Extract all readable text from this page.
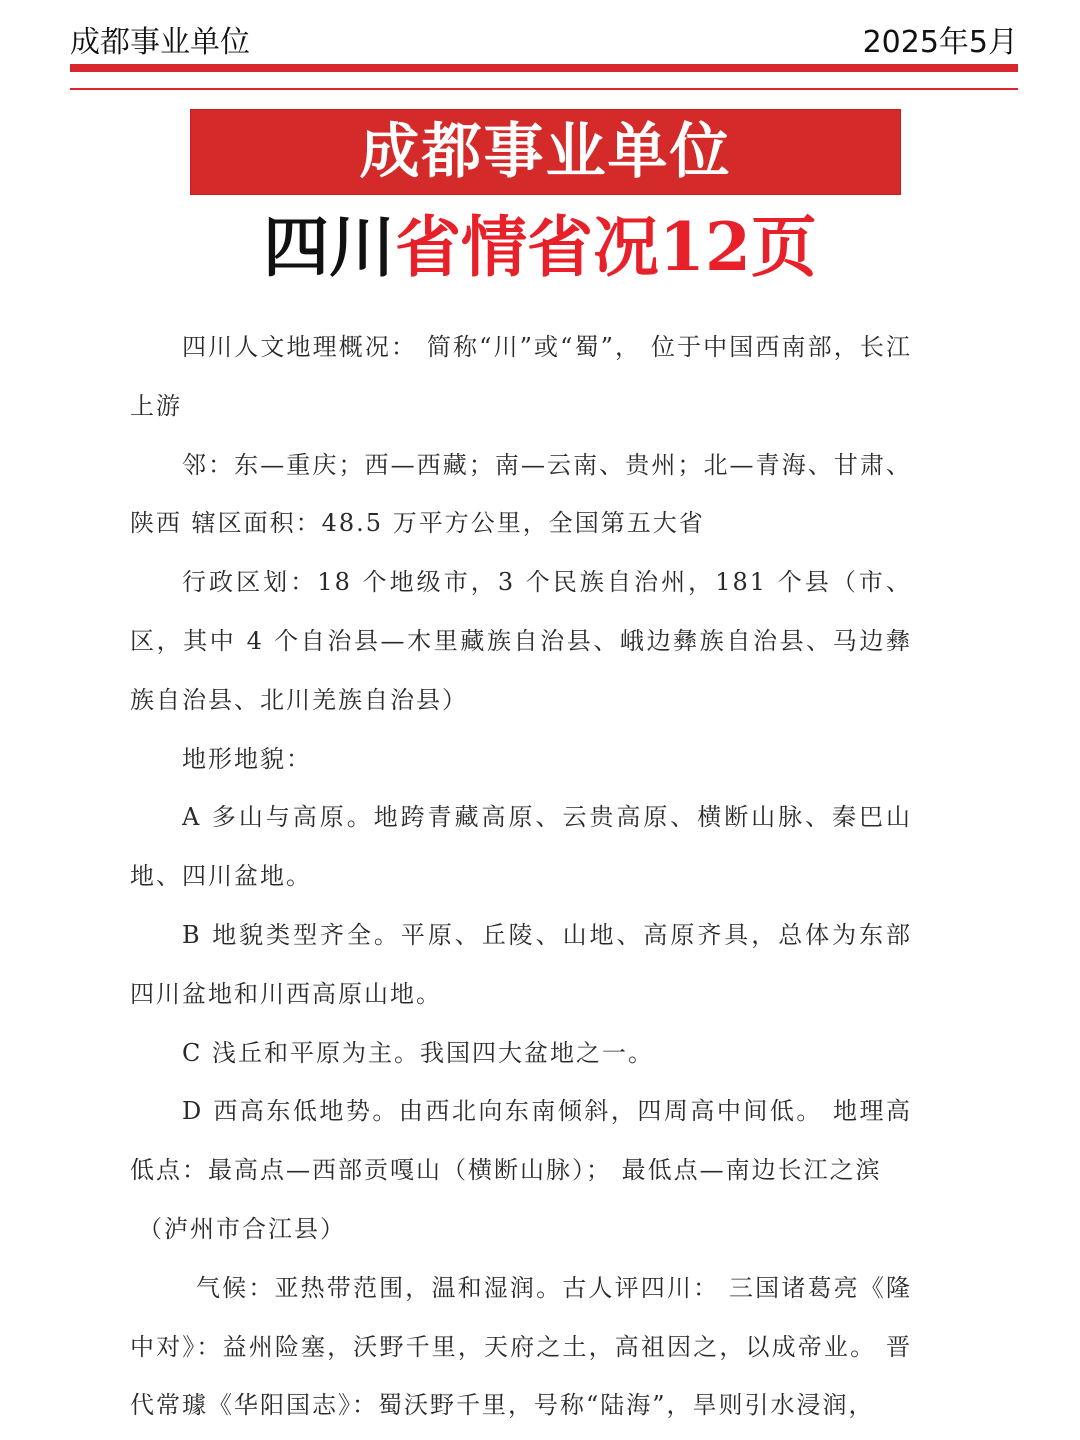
成都事业单位	2025年5月
成都事业单位
四川省情省况12页

四川人文地理概况： 简称“川”或“蜀”， 位于中国西南部，长江上游

邻：东—重庆；西—西藏；南—云南、贵州；北—青海、甘肃、陕西 辖区面积：48.5 万平方公里，全国第五大省

行政区划：18 个地级市，3 个民族自治州，181 个县（市、区，其中 4 个自治县—木里藏族自治县、峨边彝族自治县、马边彝族自治县、北川羌族自治县）

地形地貌：

A 多山与高原。地跨青藏高原、云贵高原、横断山脉、秦巴山地、四川盆地。

B 地貌类型齐全。平原、丘陵、山地、高原齐具，总体为东部四川盆地和川西高原山地。

C 浅丘和平原为主。我国四大盆地之一。

D 西高东低地势。由西北向东南倾斜，四周高中间低。 地理高低点：最高点—西部贡嘎山（横断山脉）； 最低点—南边长江之滨

（泸州市合江县）

气候：亚热带范围，温和湿润。古人评四川： 三国诸葛亮《隆中对》：益州险塞，沃野千里，天府之土，高祖因之，以成帝业。 晋代常璩《华阳国志》：蜀沃野千里，号称“陆海”，旱则引水浸润，
